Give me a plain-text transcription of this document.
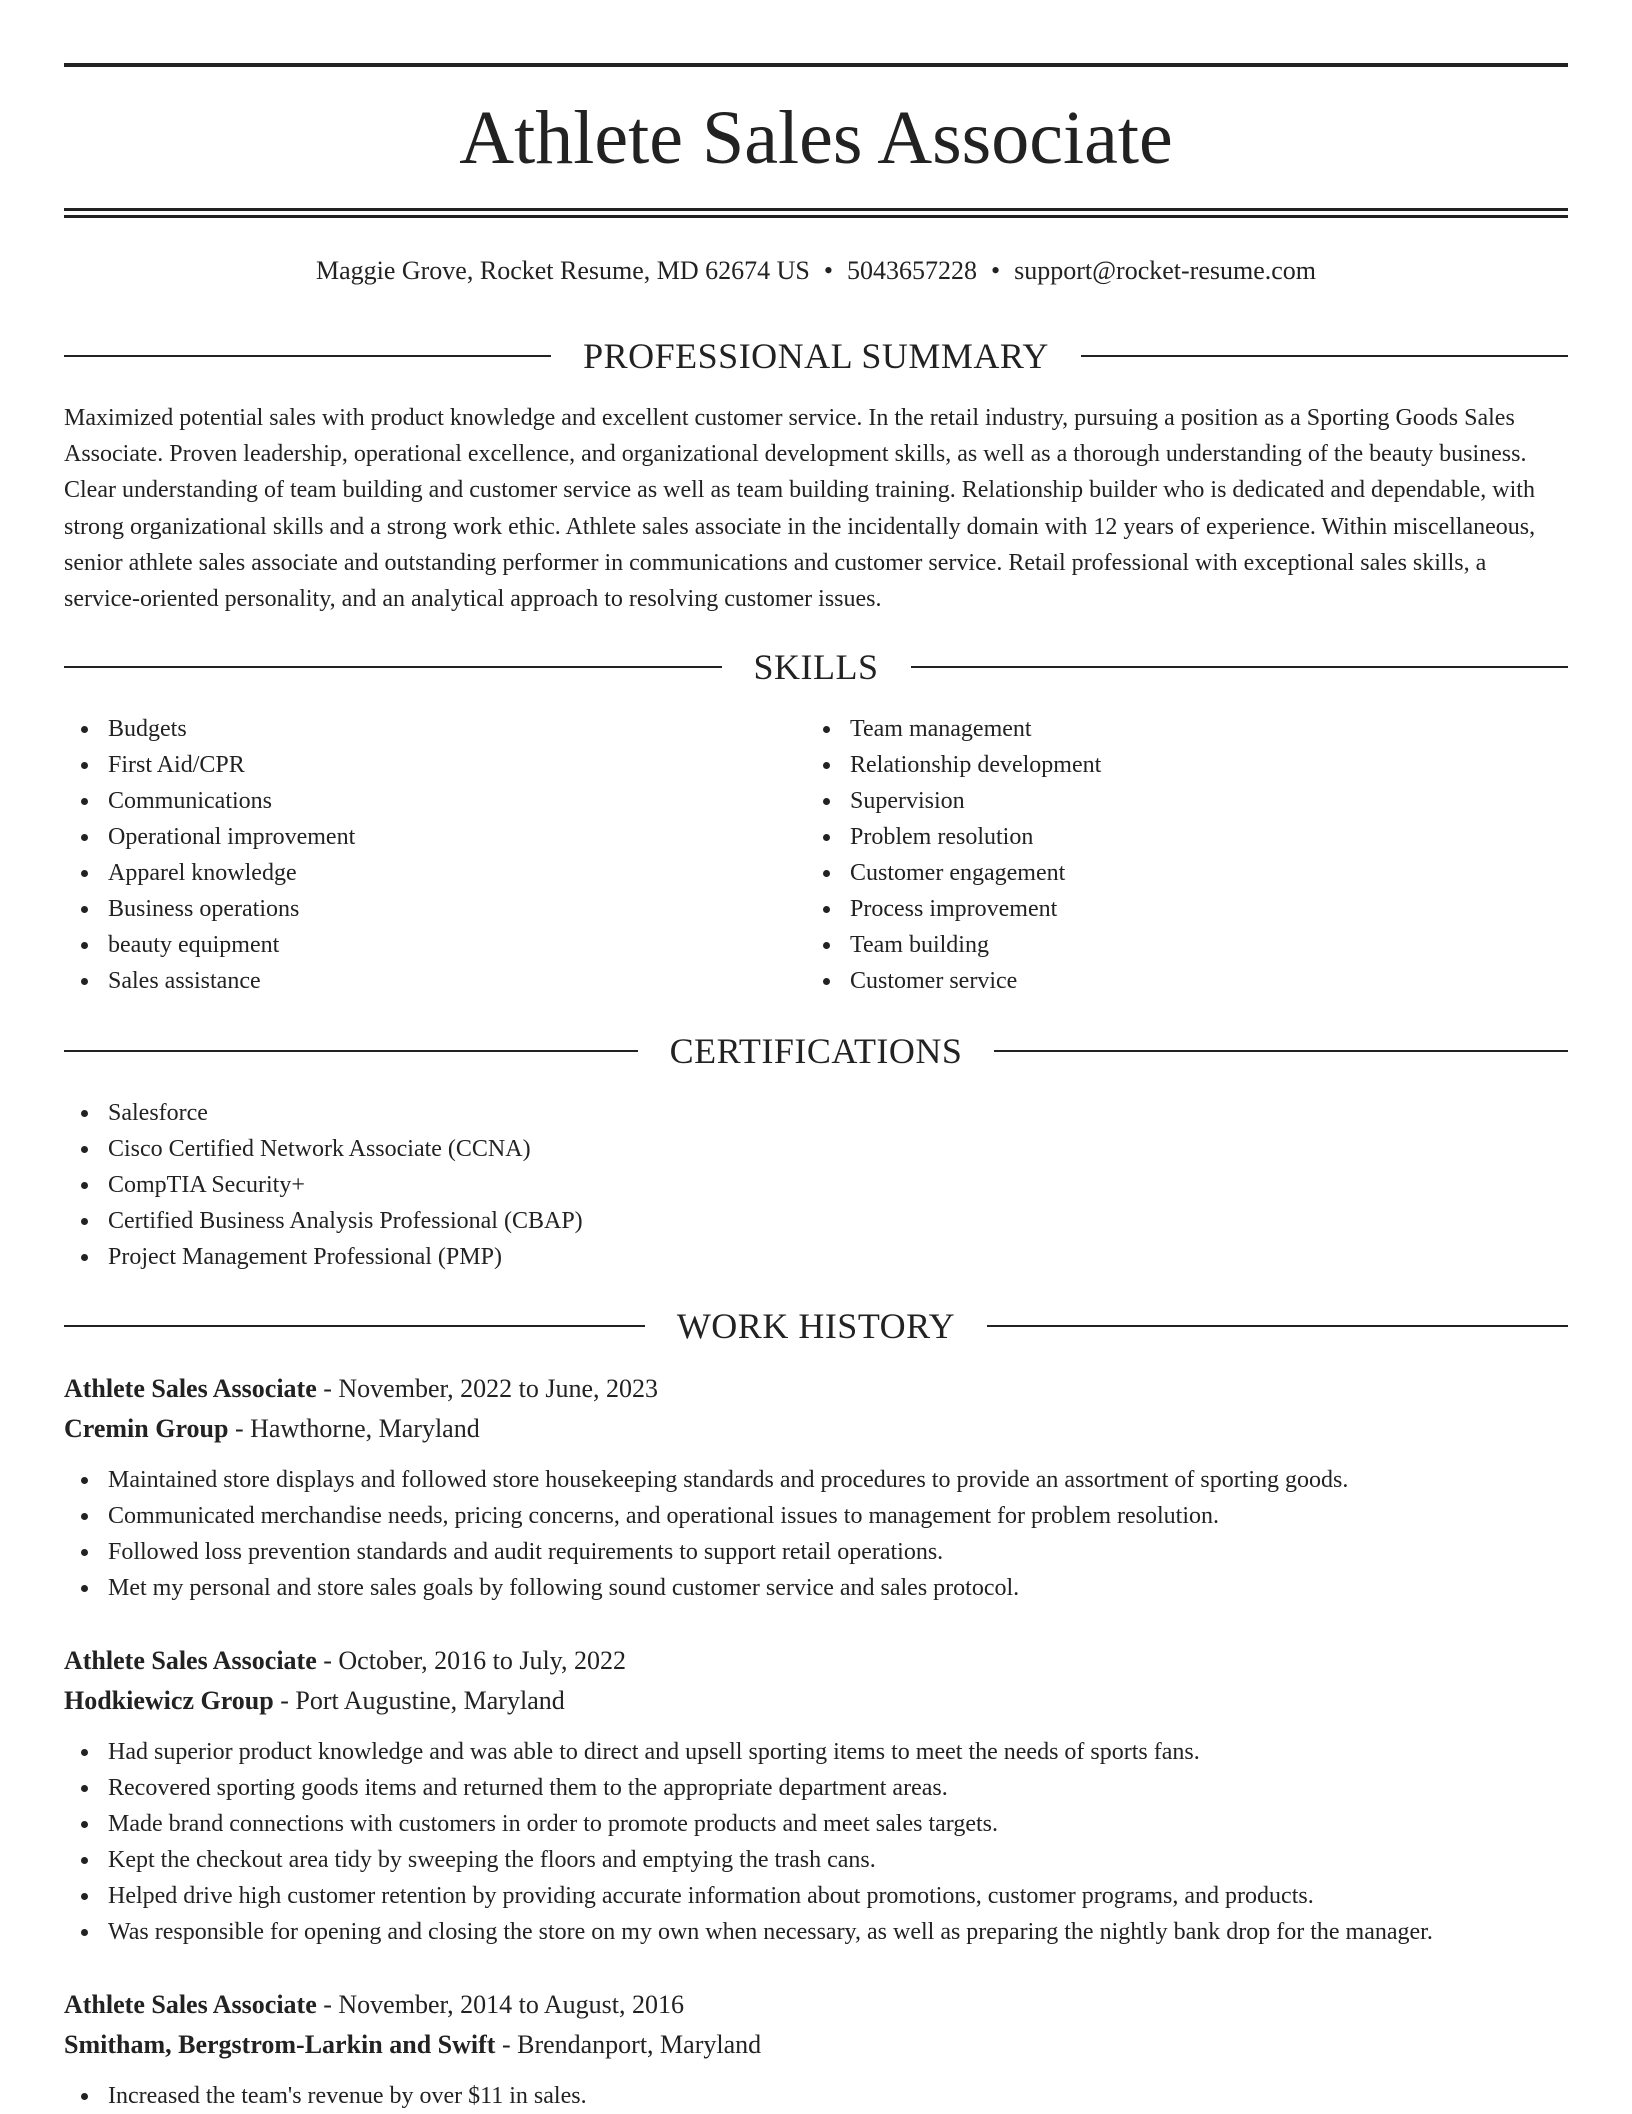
Athlete Sales Associate
Maggie Grove, Rocket Resume, MD 62674 US • 5043657228 • support@rocket-resume.com
PROFESSIONAL SUMMARY

Maximized potential sales with product knowledge and excellent customer service. In the retail industry, pursuing a position as a Sporting Goods Sales Associate. Proven leadership, operational excellence, and organizational development skills, as well as a thorough understanding of the beauty business. Clear understanding of team building and customer service as well as team building training. Relationship builder who is dedicated and dependable, with strong organizational skills and a strong work ethic. Athlete sales associate in the incidentally domain with 12 years of experience. Within miscellaneous, senior athlete sales associate and outstanding performer in communications and customer service. Retail professional with exceptional sales skills, a service-oriented personality, and an analytical approach to resolving customer issues.

SKILLS
Budgets
First Aid/CPR
Communications
Operational improvement
Apparel knowledge
Business operations
beauty equipment
Sales assistance
Team management
Relationship development
Supervision
Problem resolution
Customer engagement
Process improvement
Team building
Customer service
CERTIFICATIONS
Salesforce
Cisco Certified Network Associate (CCNA)
CompTIA Security+
Certified Business Analysis Professional (CBAP)
Project Management Professional (PMP)
WORK HISTORY
Athlete Sales Associate - November, 2022 to June, 2023
Cremin Group - Hawthorne, Maryland
Maintained store displays and followed store housekeeping standards and procedures to provide an assortment of sporting goods.
Communicated merchandise needs, pricing concerns, and operational issues to management for problem resolution.
Followed loss prevention standards and audit requirements to support retail operations.
Met my personal and store sales goals by following sound customer service and sales protocol.
Athlete Sales Associate - October, 2016 to July, 2022
Hodkiewicz Group - Port Augustine, Maryland
Had superior product knowledge and was able to direct and upsell sporting items to meet the needs of sports fans.
Recovered sporting goods items and returned them to the appropriate department areas.
Made brand connections with customers in order to promote products and meet sales targets.
Kept the checkout area tidy by sweeping the floors and emptying the trash cans.
Helped drive high customer retention by providing accurate information about promotions, customer programs, and products.
Was responsible for opening and closing the store on my own when necessary, as well as preparing the nightly bank drop for the manager.
Athlete Sales Associate - November, 2014 to August, 2016
Smitham, Bergstrom-Larkin and Swift - Brendanport, Maryland
Increased the team's revenue by over $11 in sales.
